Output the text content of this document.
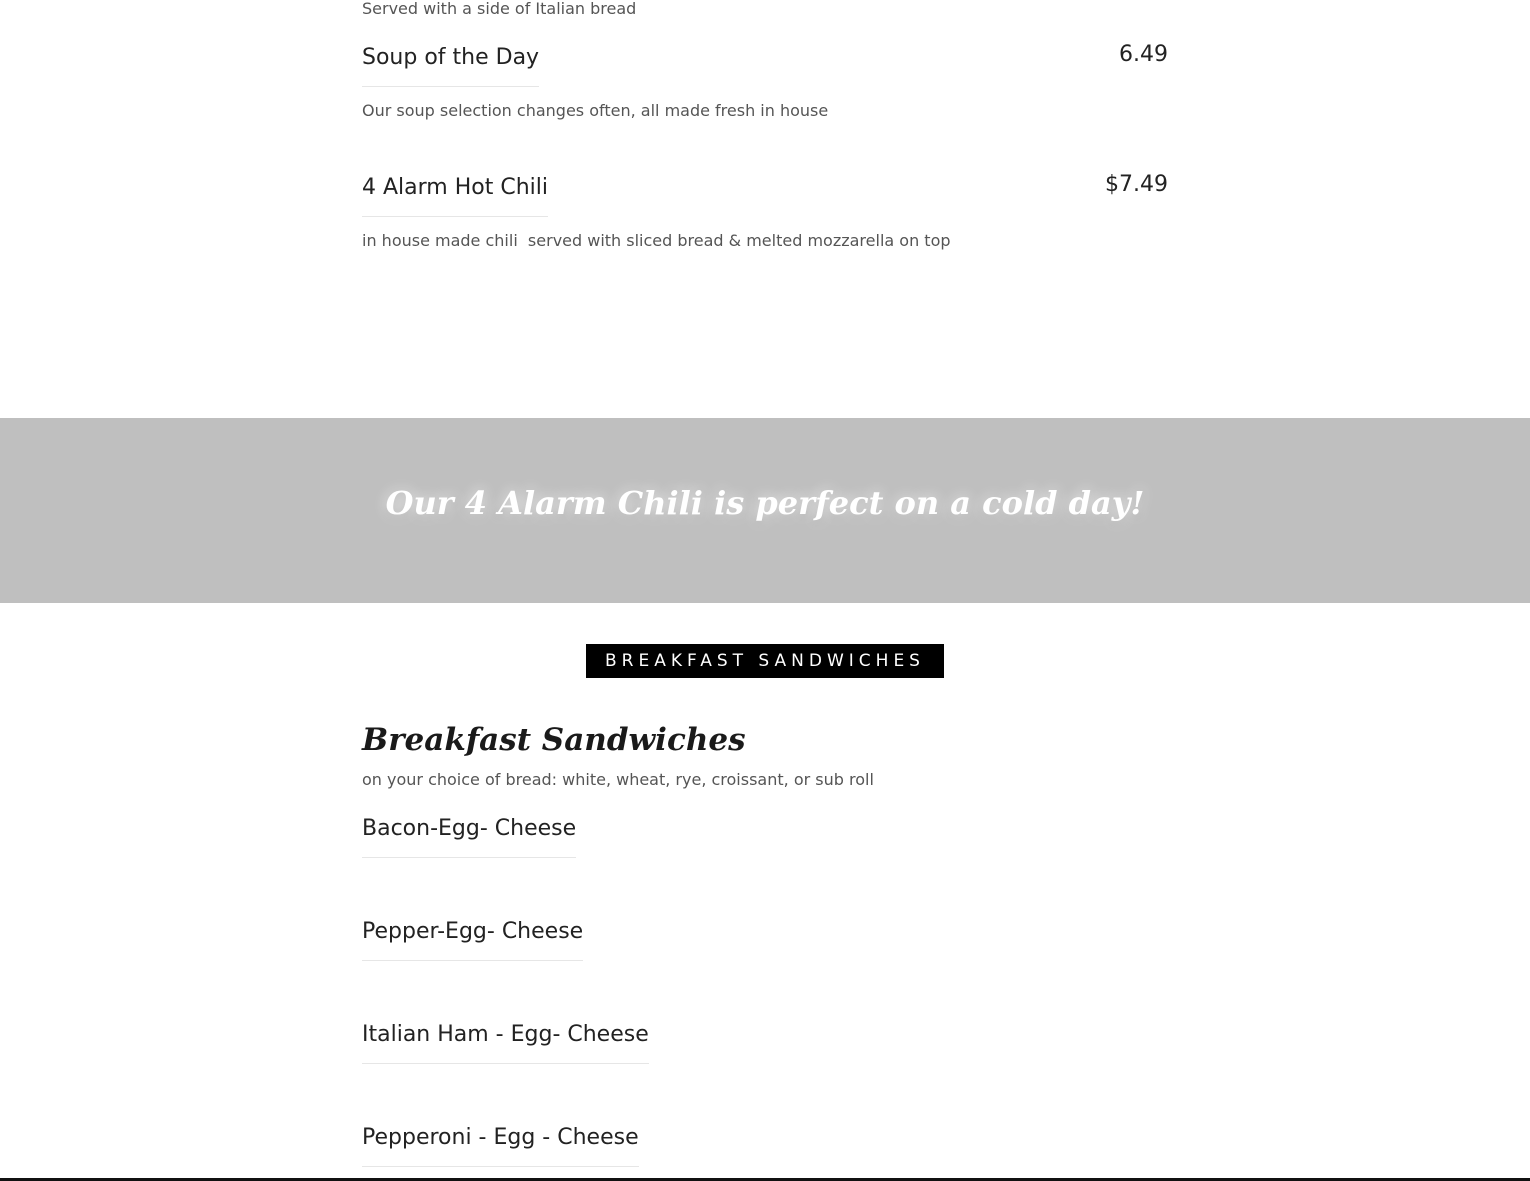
Served with a side of Italian bread
Soup of the Day	6.49
Our soup selection changes often, all made fresh in house
4 Alarm Hot Chili	$7.49
in house made chili  served with sliced bread & melted mozzarella on top
Our 4 Alarm Chili is perfect on a cold day!
BREAKFAST SANDWICHES
Breakfast Sandwiches
on your choice of bread: white, wheat, rye, croissant, or sub roll
Bacon-Egg- Cheese
Pepper-Egg- Cheese
Italian Ham - Egg- Cheese
Pepperoni - Egg - Cheese
